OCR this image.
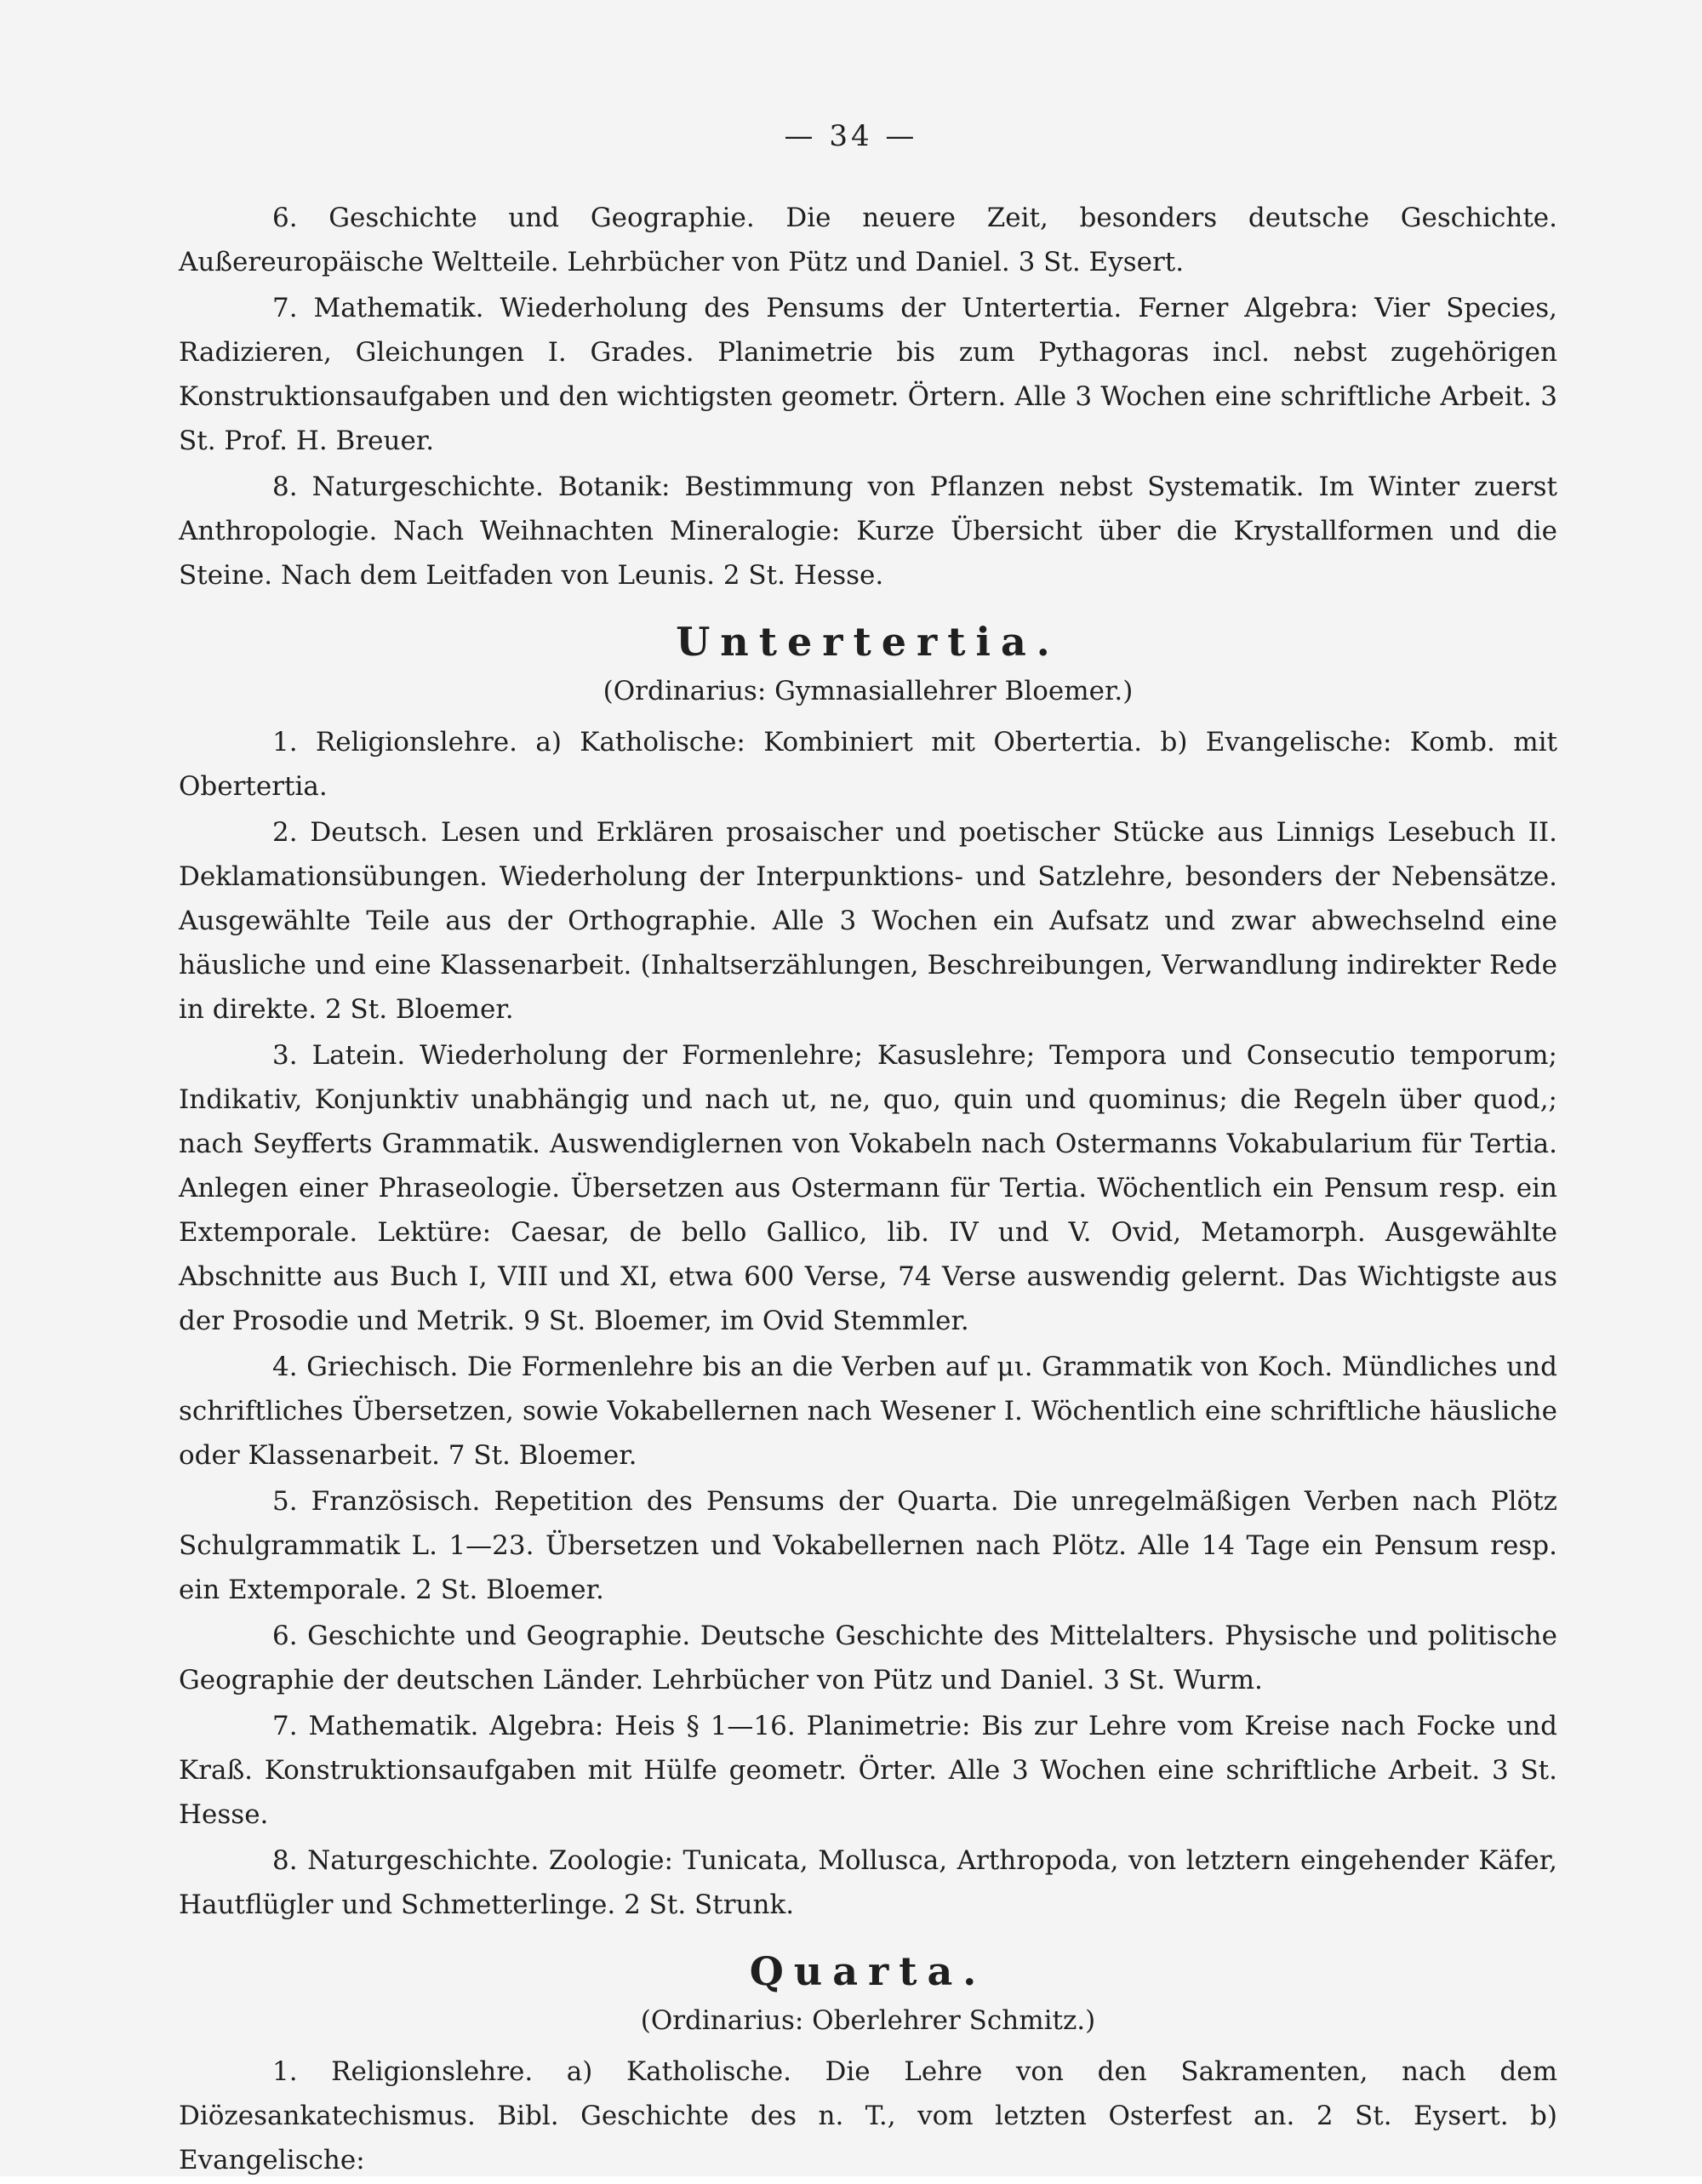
— 34 —

6. Geschichte und Geographie. Die neuere Zeit, besonders deutsche Geschichte. Außereuropäische Weltteile. Lehrbücher von Pütz und Daniel. 3 St. Eysert.

7. Mathematik. Wiederholung des Pensums der Untertertia. Ferner Algebra: Vier Species, Radizieren, Gleichungen I. Grades. Planimetrie bis zum Pythagoras incl. nebst zugehörigen Konstruktionsaufgaben und den wichtigsten geometr. Örtern. Alle 3 Wochen eine schriftliche Arbeit. 3 St. Prof. H. Breuer.

8. Naturgeschichte. Botanik: Bestimmung von Pflanzen nebst Systematik. Im Winter zuerst Anthropologie. Nach Weihnachten Mineralogie: Kurze Übersicht über die Krystallformen und die Steine. Nach dem Leitfaden von Leunis. 2 St. Hesse.

Untertertia.
(Ordinarius: Gymnasiallehrer Bloemer.)

1. Religionslehre. a) Katholische: Kombiniert mit Obertertia. b) Evangelische: Komb. mit Obertertia.

2. Deutsch. Lesen und Erklären prosaischer und poetischer Stücke aus Linnigs Lesebuch II. Deklamationsübungen. Wiederholung der Interpunktions- und Satzlehre, besonders der Nebensätze. Ausgewählte Teile aus der Orthographie. Alle 3 Wochen ein Aufsatz und zwar abwechselnd eine häusliche und eine Klassenarbeit. (Inhaltserzählungen, Beschreibungen, Verwandlung indirekter Rede in direkte. 2 St. Bloemer.

3. Latein. Wiederholung der Formenlehre; Kasuslehre; Tempora und Consecutio temporum; Indikativ, Konjunktiv unabhängig und nach ut, ne, quo, quin und quominus; die Regeln über quod,; nach Seyfferts Grammatik. Auswendiglernen von Vokabeln nach Ostermanns Vokabularium für Tertia. Anlegen einer Phraseologie. Übersetzen aus Ostermann für Tertia. Wöchentlich ein Pensum resp. ein Extemporale. Lektüre: Caesar, de bello Gallico, lib. IV und V. Ovid, Metamorph. Ausgewählte Abschnitte aus Buch I, VIII und XI, etwa 600 Verse, 74 Verse auswendig gelernt. Das Wichtigste aus der Prosodie und Metrik. 9 St. Bloemer, im Ovid Stemmler.

4. Griechisch. Die Formenlehre bis an die Verben auf μι. Grammatik von Koch. Mündliches und schriftliches Übersetzen, sowie Vokabellernen nach Wesener I. Wöchentlich eine schriftliche häusliche oder Klassenarbeit. 7 St. Bloemer.

5. Französisch. Repetition des Pensums der Quarta. Die unregelmäßigen Verben nach Plötz Schulgrammatik L. 1—23. Übersetzen und Vokabellernen nach Plötz. Alle 14 Tage ein Pensum resp. ein Extemporale. 2 St. Bloemer.

6. Geschichte und Geographie. Deutsche Geschichte des Mittelalters. Physische und politische Geographie der deutschen Länder. Lehrbücher von Pütz und Daniel. 3 St. Wurm.

7. Mathematik. Algebra: Heis § 1—16. Planimetrie: Bis zur Lehre vom Kreise nach Focke und Kraß. Konstruktionsaufgaben mit Hülfe geometr. Örter. Alle 3 Wochen eine schriftliche Arbeit. 3 St. Hesse.

8. Naturgeschichte. Zoologie: Tunicata, Mollusca, Arthropoda, von letztern eingehender Käfer, Hautflügler und Schmetterlinge. 2 St. Strunk.

Quarta.
(Ordinarius: Oberlehrer Schmitz.)

1. Religionslehre. a) Katholische. Die Lehre von den Sakramenten, nach dem Diözesankatechismus. Bibl. Geschichte des n. T., vom letzten Osterfest an. 2 St. Eysert. b) Evangelische:
